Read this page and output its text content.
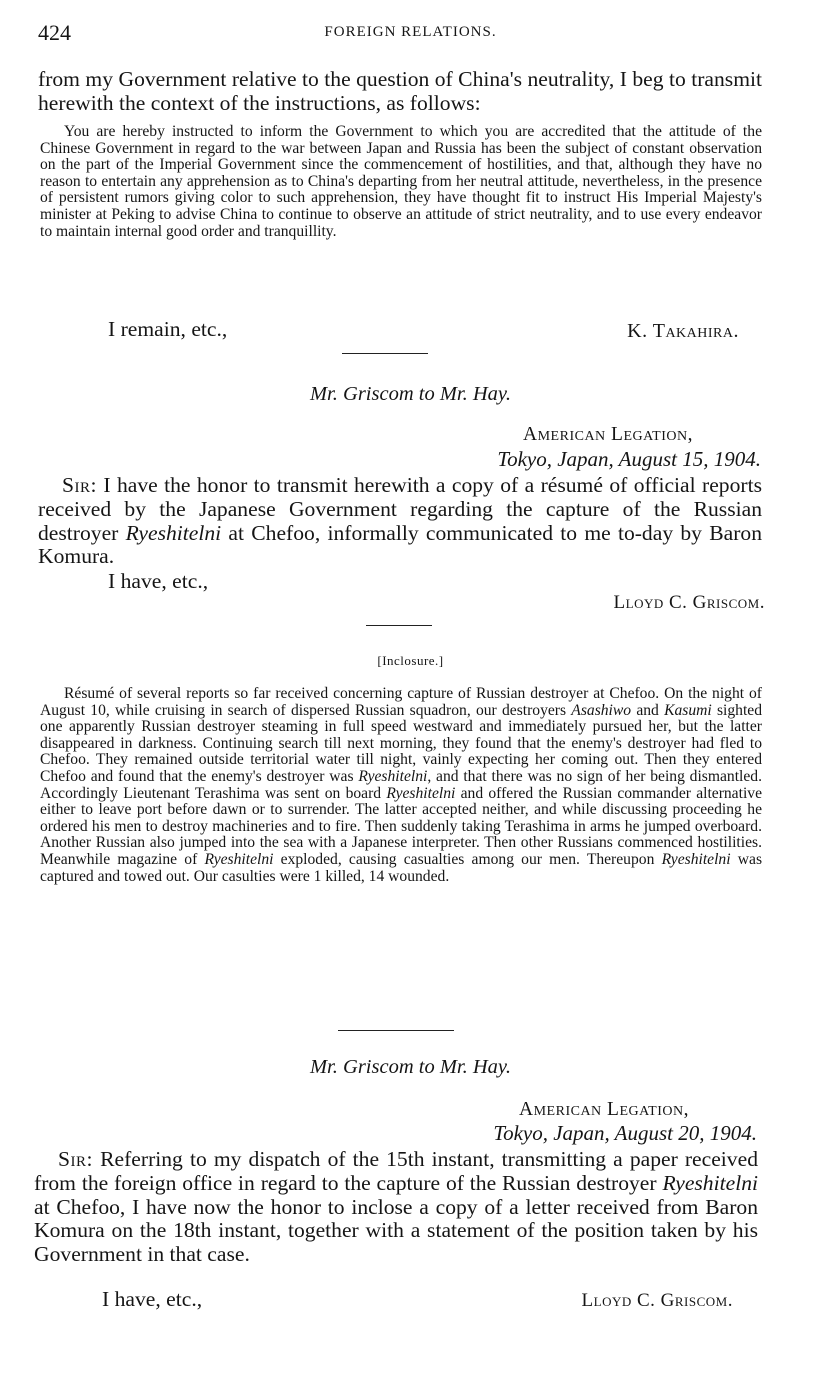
424	FOREIGN RELATIONS.

from my Government relative to the question of China's neutrality, I beg to transmit herewith the context of the instructions, as follows:

You are hereby instructed to inform the Government to which you are accredited that the attitude of the Chinese Government in regard to the war between Japan and Russia has been the subject of constant observation on the part of the Imperial Government since the commencement of hostilities, and that, although they have no reason to entertain any apprehension as to China's departing from her neutral attitude, nevertheless, in the presence of persistent rumors giving color to such apprehension, they have thought fit to instruct His Imperial Majesty's minister at Peking to advise China to continue to observe an attitude of strict neutrality, and to use every endeavor to maintain internal good order and tranquillity.

I remain, etc.,	K. Takahira.
Mr. Griscom to Mr. Hay.
American Legation,
Tokyo, Japan, August 15, 1904.

Sir: I have the honor to transmit herewith a copy of a résumé of official reports received by the Japanese Government regarding the capture of the Russian destroyer Ryeshitelni at Chefoo, informally communicated to me to-day by Baron Komura.

I have, etc.,
Lloyd C. Griscom.
[Inclosure.]

Résumé of several reports so far received concerning capture of Russian destroyer at Chefoo. On the night of August 10, while cruising in search of dispersed Russian squadron, our destroyers Asashiwo and Kasumi sighted one apparently Russian destroyer steaming in full speed westward and immediately pursued her, but the latter disappeared in darkness. Continuing search till next morning, they found that the enemy's destroyer had fled to Chefoo. They remained outside territorial water till night, vainly expecting her coming out. Then they entered Chefoo and found that the enemy's destroyer was Ryeshitelni, and that there was no sign of her being dismantled. Accordingly Lieutenant Terashima was sent on board Ryeshitelni and offered the Russian commander alternative either to leave port before dawn or to surrender. The latter accepted neither, and while discussing proceeding he ordered his men to destroy machineries and to fire. Then suddenly taking Terashima in arms he jumped overboard. Another Russian also jumped into the sea with a Japanese interpreter. Then other Russians commenced hostilities. Meanwhile magazine of Ryeshitelni exploded, causing casualties among our men. Thereupon Ryeshitelni was captured and towed out. Our casulties were 1 killed, 14 wounded.

Mr. Griscom to Mr. Hay.
American Legation,
Tokyo, Japan, August 20, 1904.

Sir: Referring to my dispatch of the 15th instant, transmitting a paper received from the foreign office in regard to the capture of the Russian destroyer Ryeshitelni at Chefoo, I have now the honor to inclose a copy of a letter received from Baron Komura on the 18th instant, together with a statement of the position taken by his Government in that case.

I have, etc.,	Lloyd C. Griscom.
